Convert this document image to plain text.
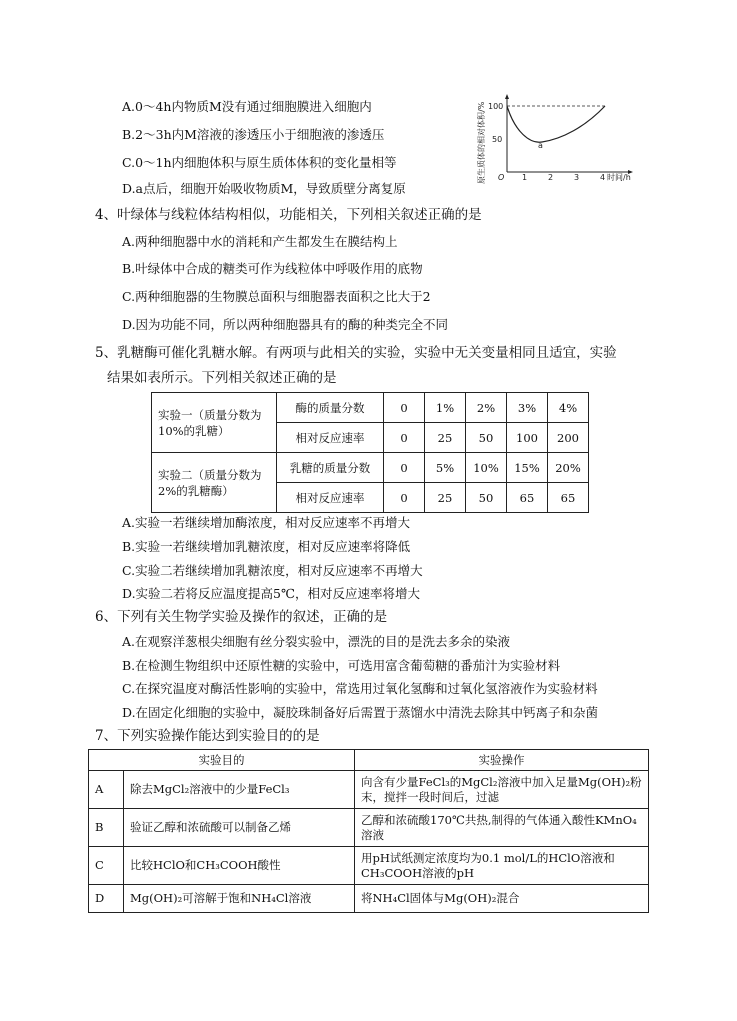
A.0～4h内物质M没有通过细胞膜进入细胞内
B.2～3h内M溶液的渗透压小于细胞液的渗透压
C.0～1h内细胞体积与原生质体体积的变化量相等
D.a点后，细胞开始吸收物质M，导致质壁分离复原
原生质体的相对体积/% 100
50
O 1	2	3	4 时间/h
a
4、叶绿体与线粒体结构相似，功能相关，下列相关叙述正确的是
A.两种细胞器中水的消耗和产生都发生在膜结构上
B.叶绿体中合成的糖类可作为线粒体中呼吸作用的底物
C.两种细胞器的生物膜总面积与细胞器表面积之比大于2
D.因为功能不同，所以两种细胞器具有的酶的种类完全不同
5、乳糖酶可催化乳糖水解。有两项与此相关的实验，实验中无关变量相同且适宜，实验
结果如表所示。下列相关叙述正确的是
实验一（质量分数为10%的乳糖）	酶的质量分数	0	1%	2%	3%	4%
	相对反应速率	0	25	50	100	200
实验二（质量分数为2%的乳糖酶）	乳糖的质量分数	0	5%	10%	15%	20%
	相对反应速率	0	25	50	65	65
A.实验一若继续增加酶浓度，相对反应速率不再增大
B.实验一若继续增加乳糖浓度，相对反应速率将降低
C.实验二若继续增加乳糖浓度，相对反应速率不再增大
D.实验二若将反应温度提高5℃，相对反应速率将增大
6、下列有关生物学实验及操作的叙述，正确的是
A.在观察洋葱根尖细胞有丝分裂实验中，漂洗的目的是洗去多余的染液
B.在检测生物组织中还原性糖的实验中，可选用富含葡萄糖的番茄汁为实验材料
C.在探究温度对酶活性影响的实验中，常选用过氧化氢酶和过氧化氢溶液作为实验材料
D.在固定化细胞的实验中，凝胶珠制备好后需置于蒸馏水中清洗去除其中钙离子和杂菌
7、下列实验操作能达到实验目的的是
实验目的		实验操作
A	除去MgCl₂溶液中的少量FeCl₃	向含有少量FeCl₃的MgCl₂溶液中加入足量Mg(OH)₂粉末，搅拌一段时间后，过滤
B	验证乙醇和浓硫酸可以制备乙烯	乙醇和浓硫酸170℃共热,制得的气体通入酸性KMnO₄溶液
C	比较HClO和CH₃COOH酸性	用pH试纸测定浓度均为0.1 mol/L的HClO溶液和CH₃COOH溶液的pH
D	Mg(OH)₂可溶解于饱和NH₄Cl溶液	将NH₄Cl固体与Mg(OH)₂混合
